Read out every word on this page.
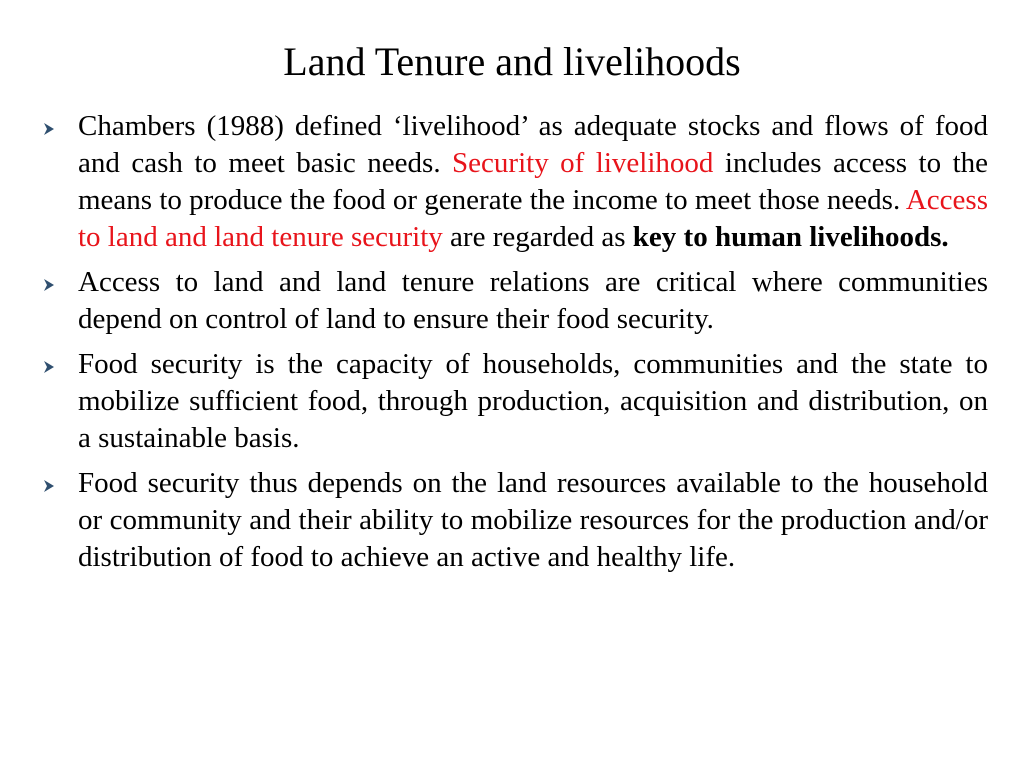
Land Tenure and livelihoods
Chambers (1988) defined ‘livelihood’ as adequate stocks and flows of food and cash to meet basic needs. Security of livelihood includes access to the means to produce the food or generate the income to meet those needs. Access to land and land tenure security are regarded as key to human livelihoods.
Access to land and land tenure relations are critical where communities depend on control of land to ensure their food security.
Food security is the capacity of households, communities and the state to mobilize sufficient food, through production, acquisition and distribution, on a sustainable basis.
Food security thus depends on the land resources available to the household or community and their ability to mobilize resources for the production and/or distribution of food to achieve an active and healthy life.
